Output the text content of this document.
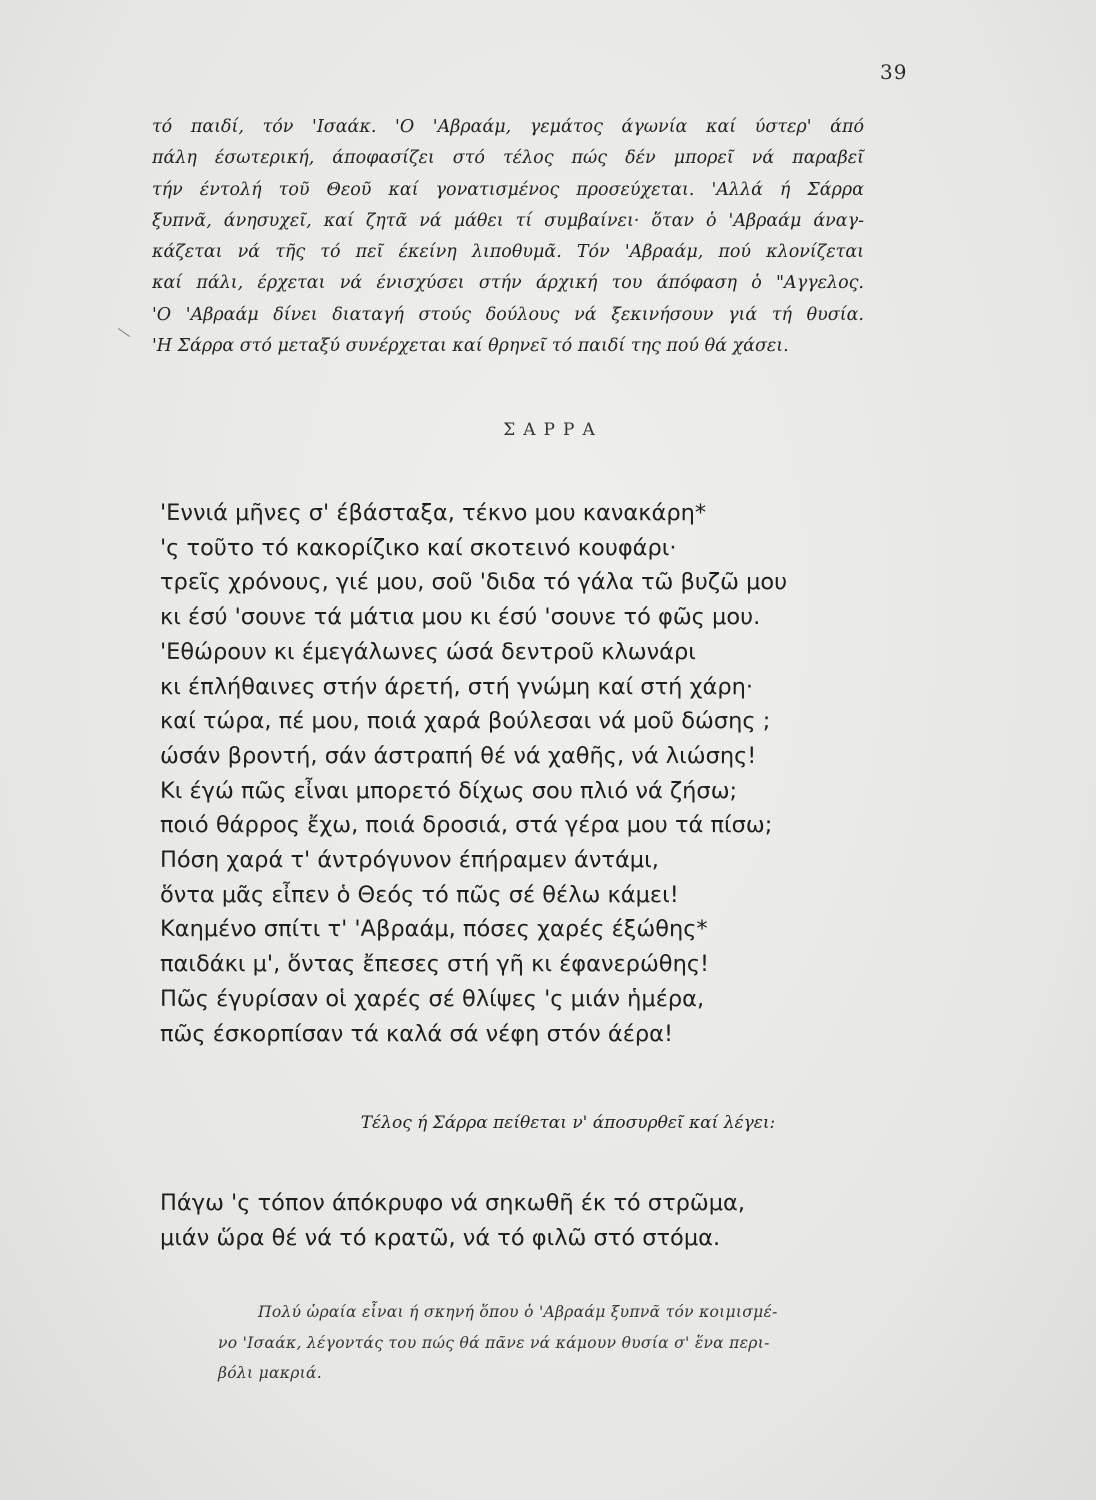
39
τό παιδί, τόν 'Ισαάκ. 'Ο 'Αβραάμ, γεμάτος άγωνία καί ύστερ' άπό
πάλη έσωτερική, άποφασίζει στό τέλος πώς δέν μπορεῖ νά παραβεῖ
τήν έντολή τοῦ Θεοῦ καί γονατισμένος προσεύχεται. 'Αλλά ή Σάρρα
ξυπνᾶ, άνησυχεῖ, καί ζητᾶ νά μάθει τί συμβαίνει· ὅταν ὁ 'Αβραάμ άναγ-
κάζεται νά τῆς τό πεῖ έκείνη λιποθυμᾶ. Τόν 'Αβραάμ, πού κλονίζεται
καί πάλι, έρχεται νά ένισχύσει στήν άρχική του άπόφαση ὁ "Αγγελος.
'Ο 'Αβραάμ δίνει διαταγή στούς δούλους νά ξεκινήσουν γιά τή θυσία.
'Η Σάρρα στό μεταξύ συνέρχεται καί θρηνεῖ τό παιδί της πού θά χάσει.
ΣΑΡΡΑ
'Εννιά μῆνες σ' έβάσταξα, τέκνο μου κανακάρη*
'ς τοῦτο τό κακορίζικο καί σκοτεινό κουφάρι·
τρεῖς χρόνους, γιέ μου, σοῦ 'διδα τό γάλα τῶ βυζῶ μου
κι έσύ 'σουνε τά μάτια μου κι έσύ 'σουνε τό φῶς μου.
'Εθώρουν κι έμεγάλωνες ώσά δεντροῦ κλωνάρι
κι έπλήθαινες στήν άρετή, στή γνώμη καί στή χάρη·
καί τώρα, πέ μου, ποιά χαρά βούλεσαι νά μοῦ δώσης ;
ώσάν βροντή, σάν άστραπή θέ νά χαθῆς, νά λιώσης!
Κι έγώ πῶς εἶναι μπορετό δίχως σου πλιό νά ζήσω;
ποιό θάρρος ἔχω, ποιά δροσιά, στά γέρα μου τά πίσω;
Πόση χαρά τ' άντρόγυνον έπήραμεν άντάμι,
ὅντα μᾶς εἶπεν ὁ Θεός τό πῶς σέ θέλω κάμει!
Καημένο σπίτι τ' 'Αβραάμ, πόσες χαρές έξώθης*
παιδάκι μ', ὅντας ἔπεσες στή γῆ κι έφανερώθης!
Πῶς έγυρίσαν οἱ χαρές σέ θλίψες 'ς μιάν ἡμέρα,
πῶς έσκορπίσαν τά καλά σά νέφη στόν άέρα!
Τέλος ή Σάρρα πείθεται ν' άποσυρθεῖ καί λέγει:
Πάγω 'ς τόπον άπόκρυφο νά σηκωθῆ έκ τό στρῶμα,
μιάν ὥρα θέ νά τό κρατῶ, νά τό φιλῶ στό στόμα.
Πολύ ὡραία εἶναι ή σκηνή ὅπου ὁ 'Αβραάμ ξυπνᾶ τόν κοιμισμέ-
νο 'Ισαάκ, λέγοντάς του πώς θά πᾶνε νά κάμουν θυσία σ' ἕνα περι-
βόλι μακριά.
